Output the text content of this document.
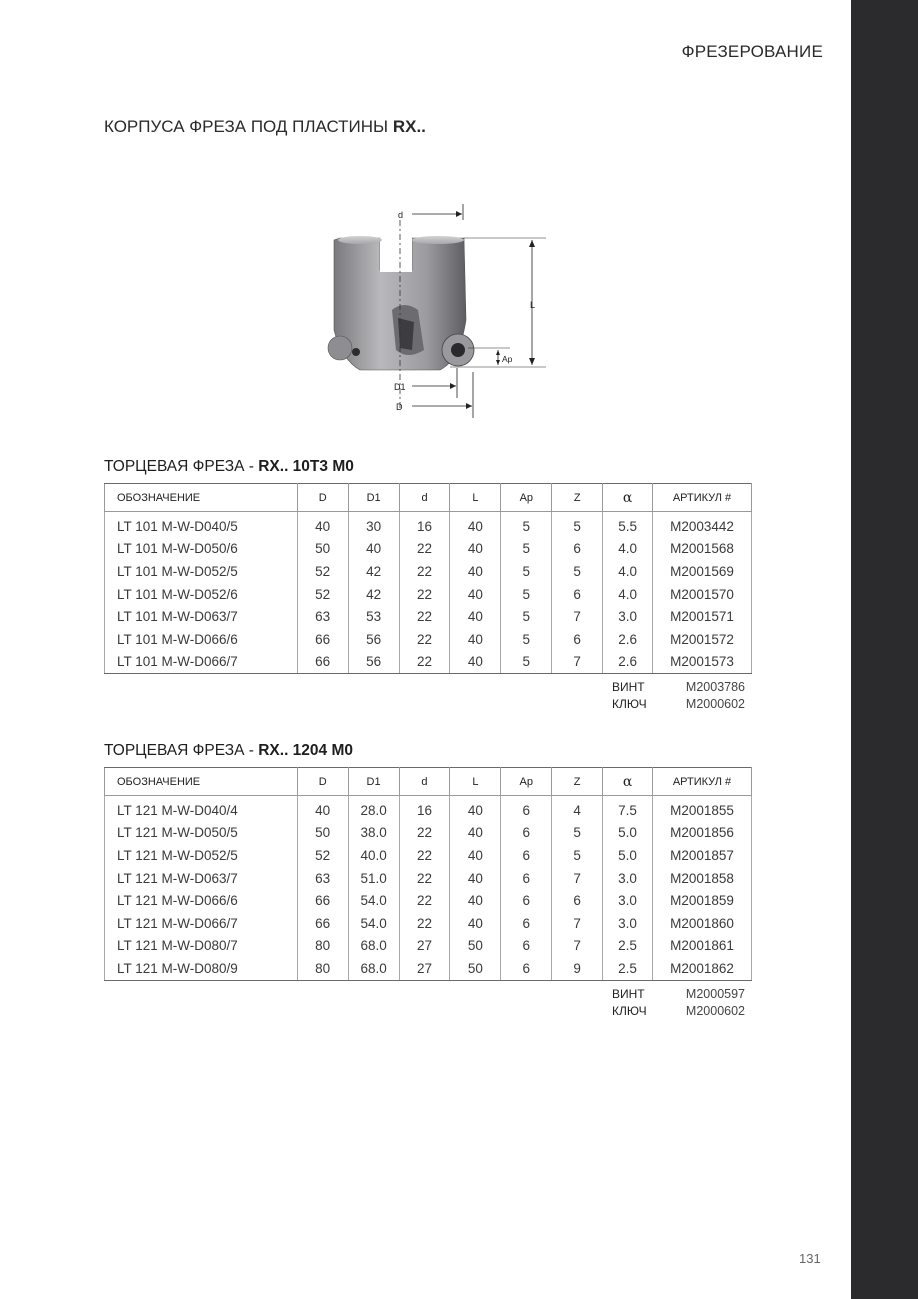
ФРЕЗЕРОВАНИЕ
КОРПУСА ФРЕЗА ПОД ПЛАСТИНЫ RX..
d
L
Ap
D1
D
ТОРЦЕВАЯ ФРЕЗА - RX.. 10T3 M0
ОБОЗНАЧЕНИЕ	D	D1	d	L	Ap	Z	α	АРТИКУЛ #
LT 101 M-W-D040/5	40	30	16	40	5	5	5.5	M2003442
LT 101 M-W-D050/6	50	40	22	40	5	6	4.0	M2001568
LT 101 M-W-D052/5	52	42	22	40	5	5	4.0	M2001569
LT 101 M-W-D052/6	52	42	22	40	5	6	4.0	M2001570
LT 101 M-W-D063/7	63	53	22	40	5	7	3.0	M2001571
LT 101 M-W-D066/6	66	56	22	40	5	6	2.6	M2001572
LT 101 M-W-D066/7	66	56	22	40	5	7	2.6	M2001573
ВИНТ	M2003786
КЛЮЧ	M2000602
ТОРЦЕВАЯ ФРЕЗА - RX.. 1204 M0
ОБОЗНАЧЕНИЕ	D	D1	d	L	Ap	Z	α	АРТИКУЛ #
LT 121 M-W-D040/4	40	28.0	16	40	6	4	7.5	M2001855
LT 121 M-W-D050/5	50	38.0	22	40	6	5	5.0	M2001856
LT 121 M-W-D052/5	52	40.0	22	40	6	5	5.0	M2001857
LT 121 M-W-D063/7	63	51.0	22	40	6	7	3.0	M2001858
LT 121 M-W-D066/6	66	54.0	22	40	6	6	3.0	M2001859
LT 121 M-W-D066/7	66	54.0	22	40	6	7	3.0	M2001860
LT 121 M-W-D080/7	80	68.0	27	50	6	7	2.5	M2001861
LT 121 M-W-D080/9	80	68.0	27	50	6	9	2.5	M2001862
ВИНТ	M2000597
КЛЮЧ	M2000602
131
